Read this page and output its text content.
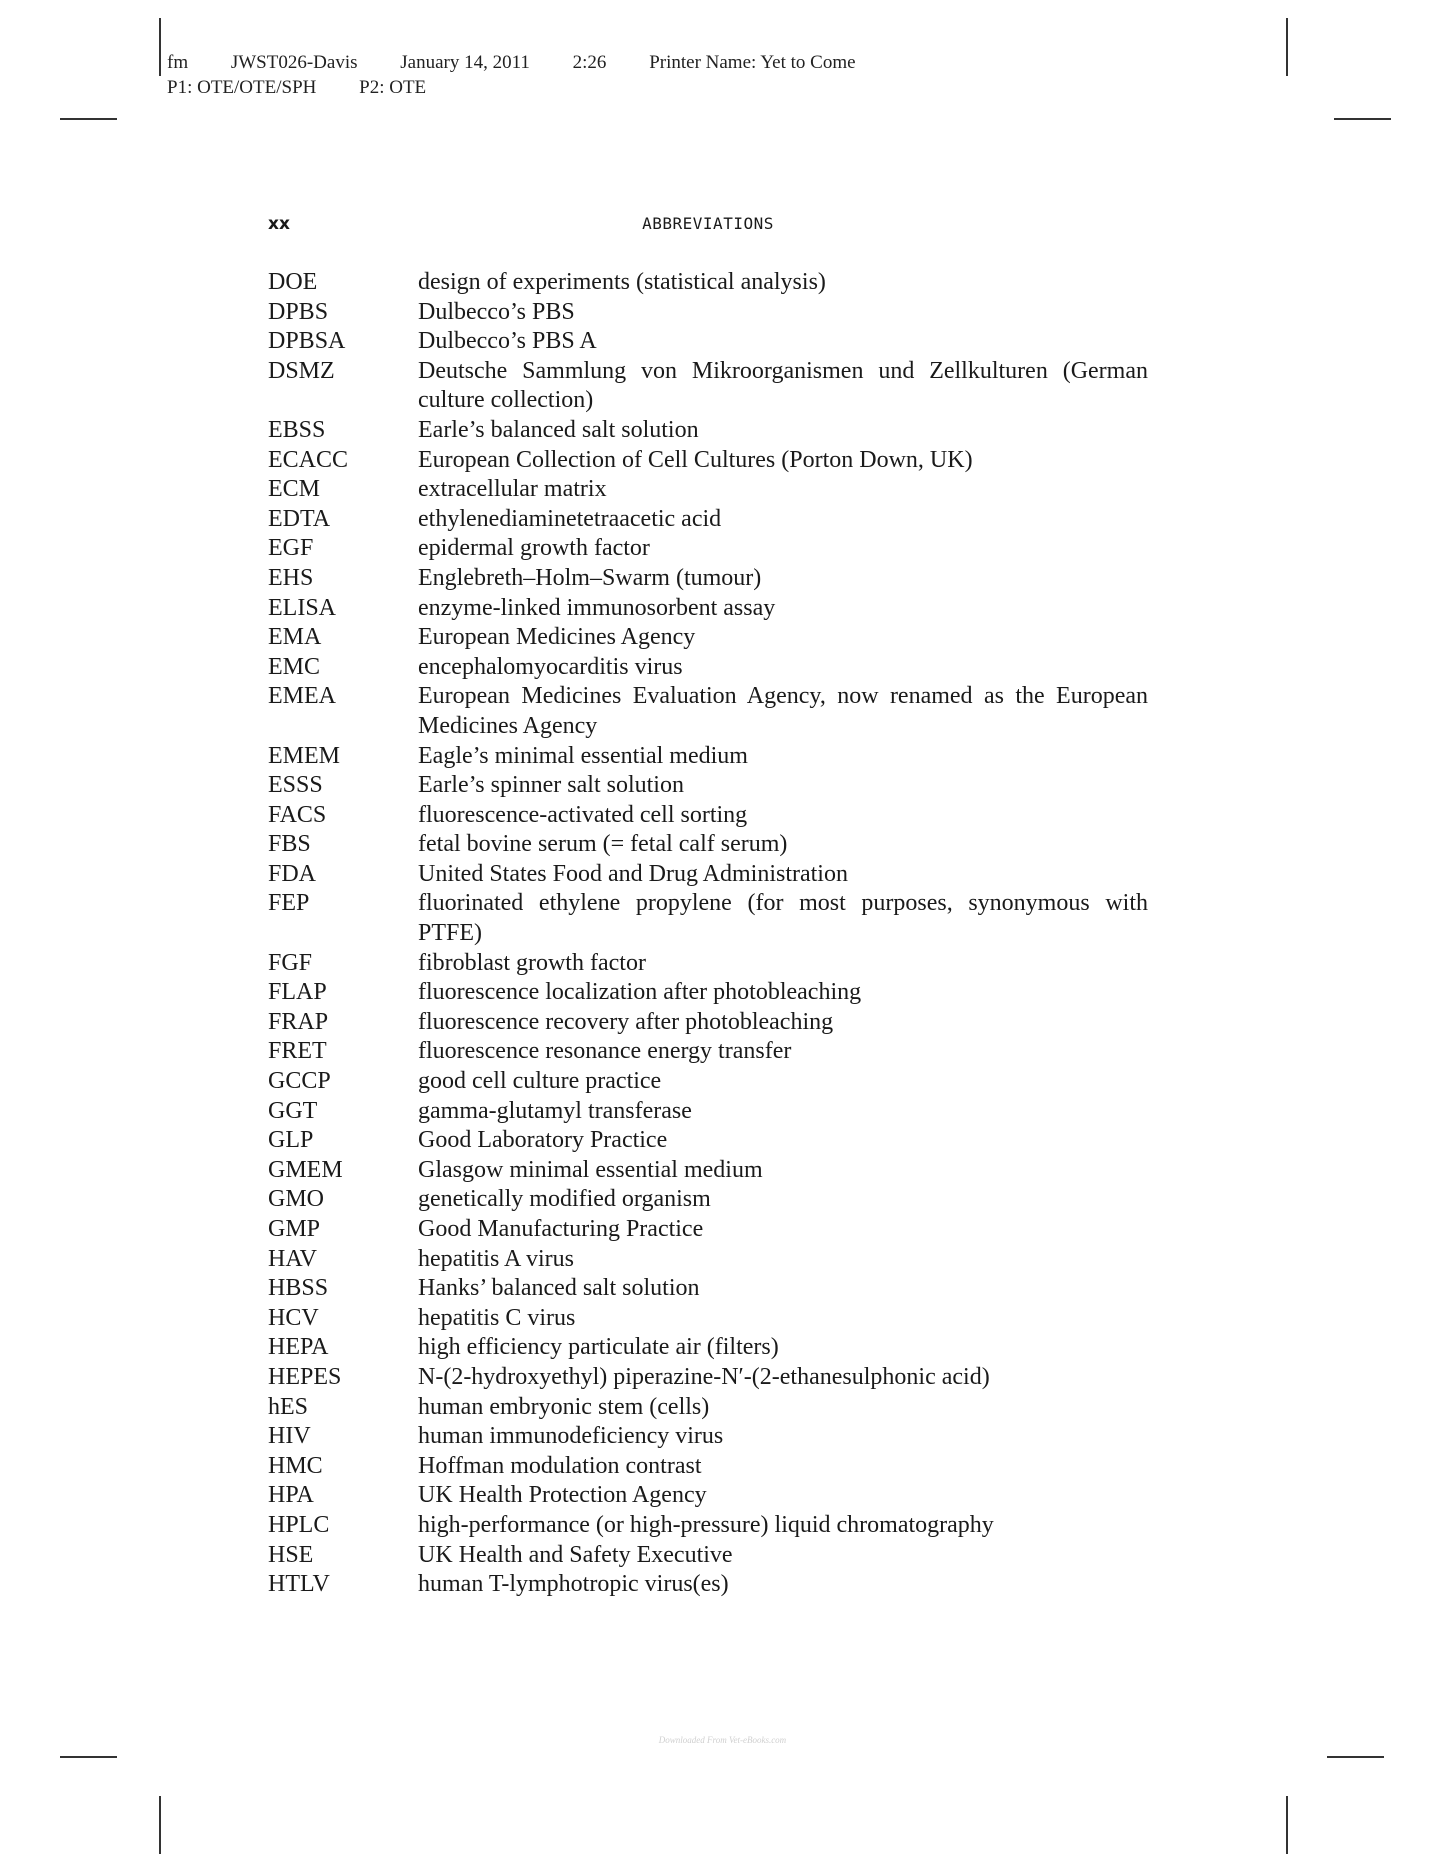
fm JWST026-Davis January 14, 2011 2:26 Printer Name: Yet to Come
P1: OTE/OTE/SPH P2: OTE
xx	ABBREVIATIONS
DOE	design of experiments (statistical analysis)
DPBS	Dulbecco’s PBS
DPBSA	Dulbecco’s PBS A
DSMZ	Deutsche Sammlung von Mikroorganismen und Zellkulturen (German culture collection)
EBSS	Earle’s balanced salt solution
ECACC	European Collection of Cell Cultures (Porton Down, UK)
ECM	extracellular matrix
EDTA	ethylenediaminetetraacetic acid
EGF	epidermal growth factor
EHS	Englebreth–Holm–Swarm (tumour)
ELISA	enzyme-linked immunosorbent assay
EMA	European Medicines Agency
EMC	encephalomyocarditis virus
EMEA	European Medicines Evaluation Agency, now renamed as the European Medicines Agency
EMEM	Eagle’s minimal essential medium
ESSS	Earle’s spinner salt solution
FACS	fluorescence-activated cell sorting
FBS	fetal bovine serum (= fetal calf serum)
FDA	United States Food and Drug Administration
FEP	fluorinated ethylene propylene (for most purposes, synonymous with PTFE)
FGF	fibroblast growth factor
FLAP	fluorescence localization after photobleaching
FRAP	fluorescence recovery after photobleaching
FRET	fluorescence resonance energy transfer
GCCP	good cell culture practice
GGT	gamma-glutamyl transferase
GLP	Good Laboratory Practice
GMEM	Glasgow minimal essential medium
GMO	genetically modified organism
GMP	Good Manufacturing Practice
HAV	hepatitis A virus
HBSS	Hanks’ balanced salt solution
HCV	hepatitis C virus
HEPA	high efficiency particulate air (filters)
HEPES	N-(2-hydroxyethyl) piperazine-N′-(2-ethanesulphonic acid)
hES	human embryonic stem (cells)
HIV	human immunodeficiency virus
HMC	Hoffman modulation contrast
HPA	UK Health Protection Agency
HPLC	high-performance (or high-pressure) liquid chromatography
HSE	UK Health and Safety Executive
HTLV	human T-lymphotropic virus(es)
Downloaded From Vet-eBooks.com
